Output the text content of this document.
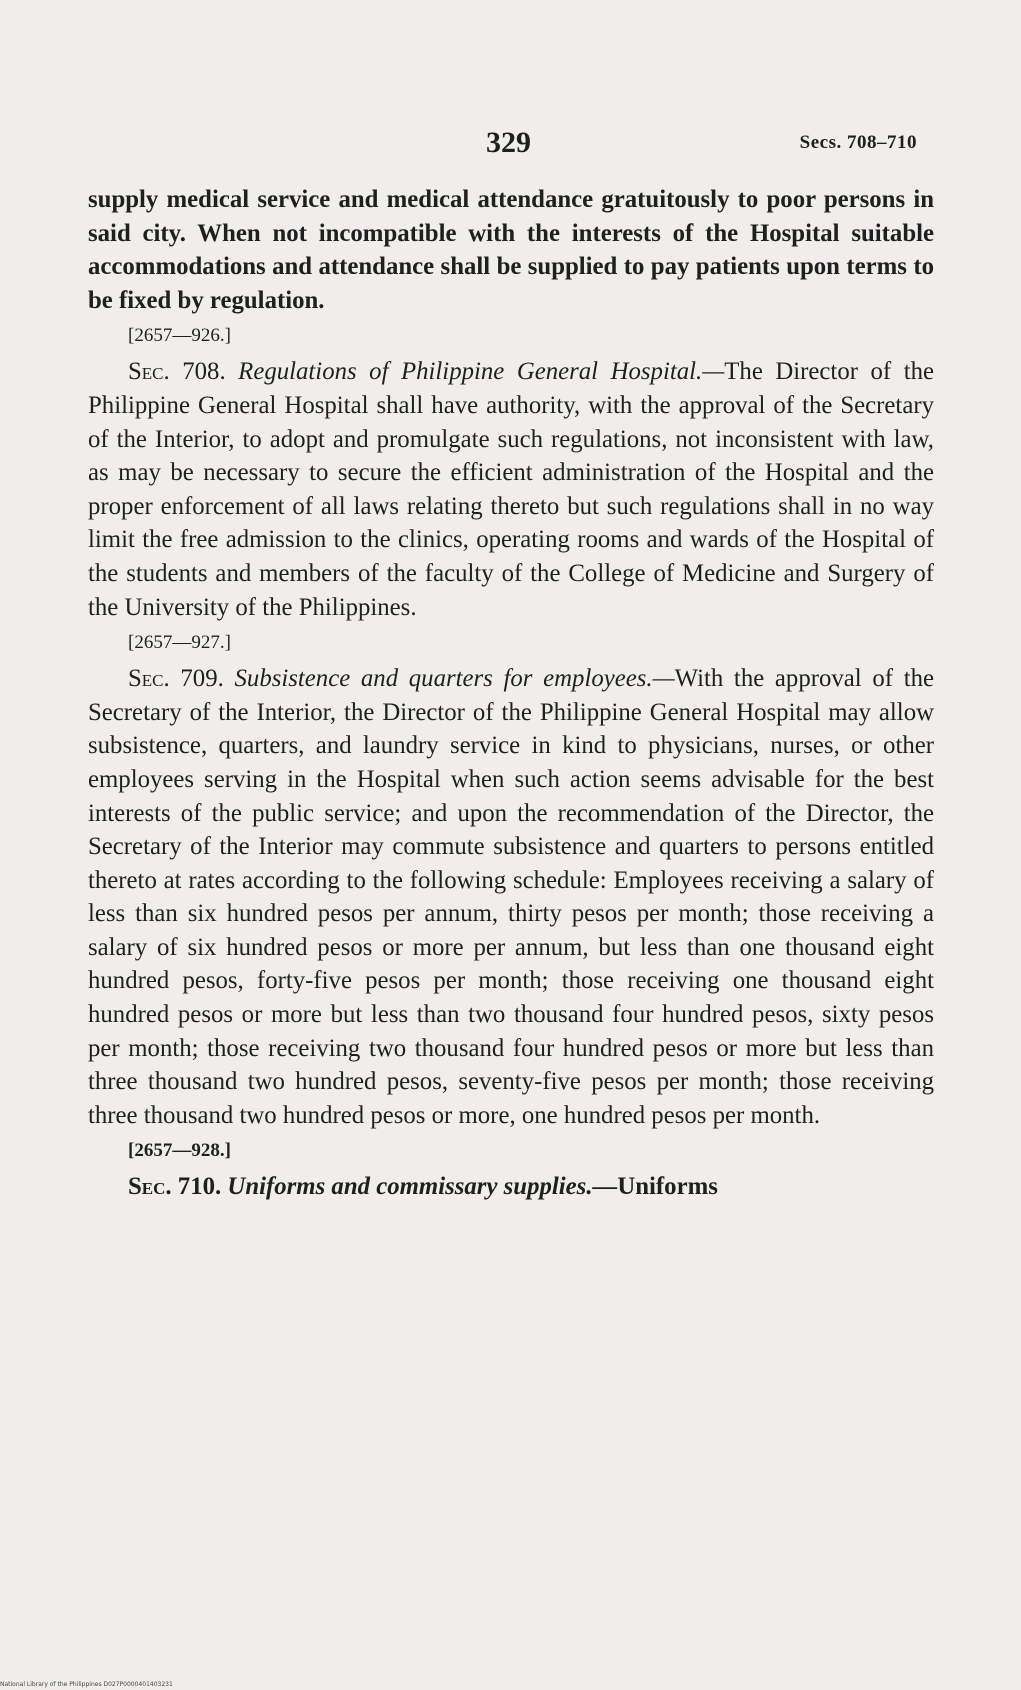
329	Secs. 708–710

supply medical service and medical attendance gratuitously to poor persons in said city. When not incompatible with the interests of the Hospital suitable accommodations and attendance shall be supplied to pay patients upon terms to be fixed by regulation.

[2657—926.]

Sec. 708. Regulations of Philippine General Hospital.—The Director of the Philippine General Hospital shall have authority, with the approval of the Secretary of the Interior, to adopt and promulgate such regulations, not inconsistent with law, as may be necessary to secure the efficient administration of the Hospital and the proper enforcement of all laws relating thereto but such regulations shall in no way limit the free admission to the clinics, operating rooms and wards of the Hospital of the students and members of the faculty of the College of Medicine and Surgery of the University of the Philippines.

[2657—927.]

Sec. 709. Subsistence and quarters for employees.—With the approval of the Secretary of the Interior, the Director of the Philippine General Hospital may allow subsistence, quarters, and laundry service in kind to physicians, nurses, or other employees serving in the Hospital when such action seems advisable for the best interests of the public service; and upon the recommendation of the Director, the Secretary of the Interior may commute subsistence and quarters to persons entitled thereto at rates according to the following schedule: Employees receiving a salary of less than six hundred pesos per annum, thirty pesos per month; those receiving a salary of six hundred pesos or more per annum, but less than one thousand eight hundred pesos, forty-five pesos per month; those receiving one thousand eight hundred pesos or more but less than two thousand four hundred pesos, sixty pesos per month; those receiving two thousand four hundred pesos or more but less than three thousand two hundred pesos, seventy-five pesos per month; those receiving three thousand two hundred pesos or more, one hundred pesos per month.

[2657—928.]

Sec. 710. Uniforms and commissary supplies.—Uniforms

National Library of the Philippines D027P0000401403231
